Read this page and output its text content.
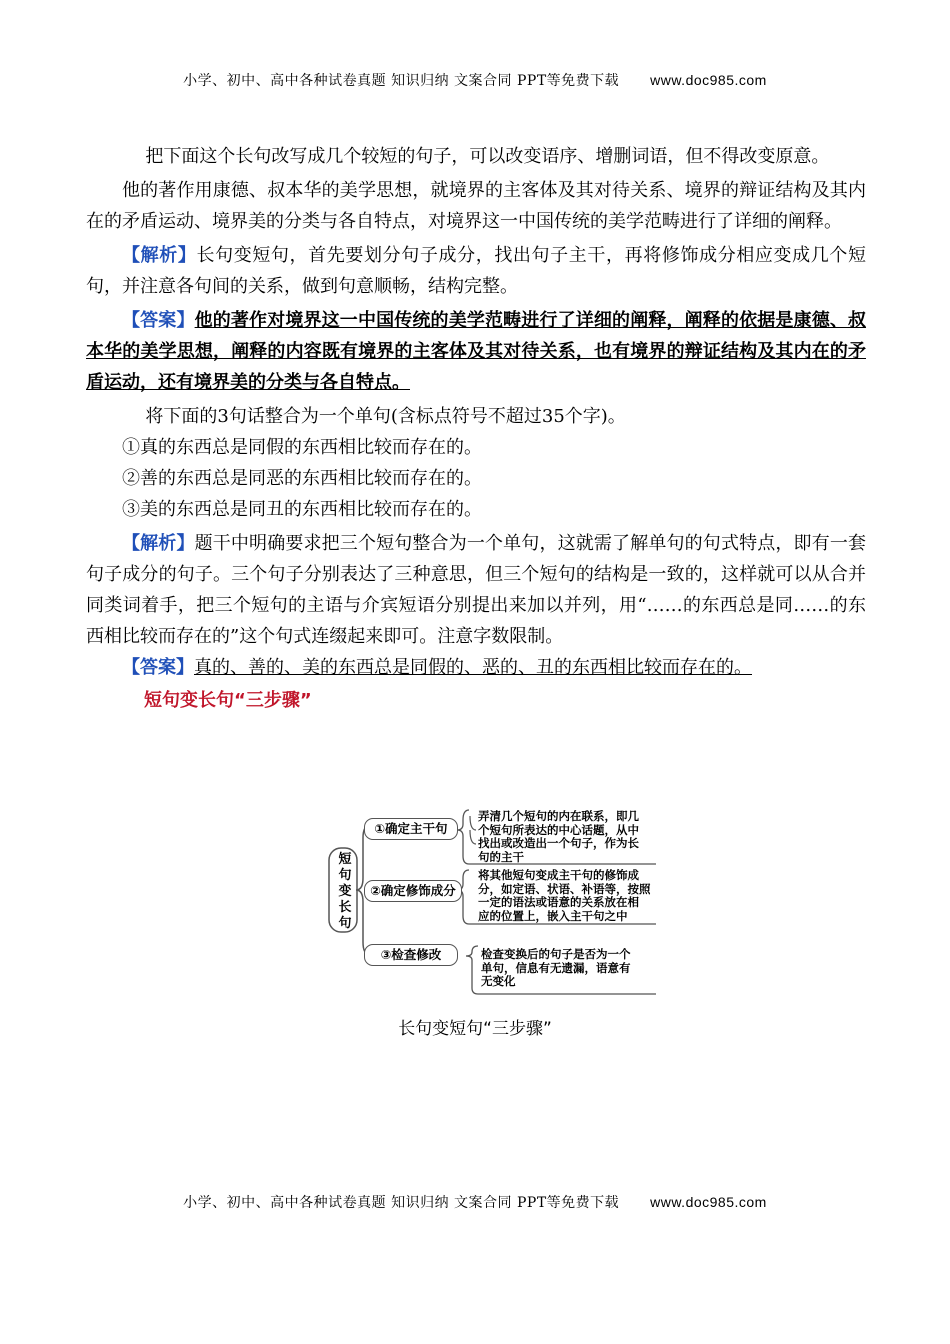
小学、初中、高中各种试卷真题 知识归纳 文案合同 PPT等免费下载 www.doc985.com

把下面这个长句改写成几个较短的句子，可以改变语序、增删词语，但不得改变原意。

他的著作用康德、叔本华的美学思想，就境界的主客体及其对待关系、境界的辩证结构及其内在的矛盾运动、境界美的分类与各自特点，对境界这一中国传统的美学范畴进行了详细的阐释。

【解析】长句变短句，首先要划分句子成分，找出句子主干，再将修饰成分相应变成几个短句，并注意各句间的关系，做到句意顺畅，结构完整。

【答案】他的著作对境界这一中国传统的美学范畴进行了详细的阐释，阐释的依据是康德、叔本华的美学思想，阐释的内容既有境界的主客体及其对待关系，也有境界的辩证结构及其内在的矛盾运动，还有境界美的分类与各自特点。

将下面的3句话整合为一个单句(含标点符号不超过35个字)。

①真的东西总是同假的东西相比较而存在的。

②善的东西总是同恶的东西相比较而存在的。

③美的东西总是同丑的东西相比较而存在的。

【解析】题干中明确要求把三个短句整合为一个单句，这就需了解单句的句式特点，即有一套句子成分的句子。三个句子分别表达了三种意思，但三个短句的结构是一致的，这样就可以从合并同类词着手，把三个短句的主语与介宾短语分别提出来加以并列，用“……的东西总是同……的东西相比较而存在的”这个句式连缀起来即可。注意字数限制。

【答案】真的、善的、美的东西总是同假的、恶的、丑的东西相比较而存在的。

短句变长句“三步骤”

短
句
变
长
句
①确定主干句
弄清几个短句的内在联系，即几
个短句所表达的中心话题，从中
找出或改造出一个句子，作为长
句的主干
②确定修饰成分
将其他短句变成主干句的修饰成
分，如定语、状语、补语等，按照
一定的语法或语意的关系放在相
应的位置上，嵌入主干句之中
③检查修改	检查变换后的句子是否为一个
单句，信息有无遗漏，语意有
无变化
长句变短句“三步骤”
小学、初中、高中各种试卷真题 知识归纳 文案合同 PPT等免费下载 www.doc985.com
